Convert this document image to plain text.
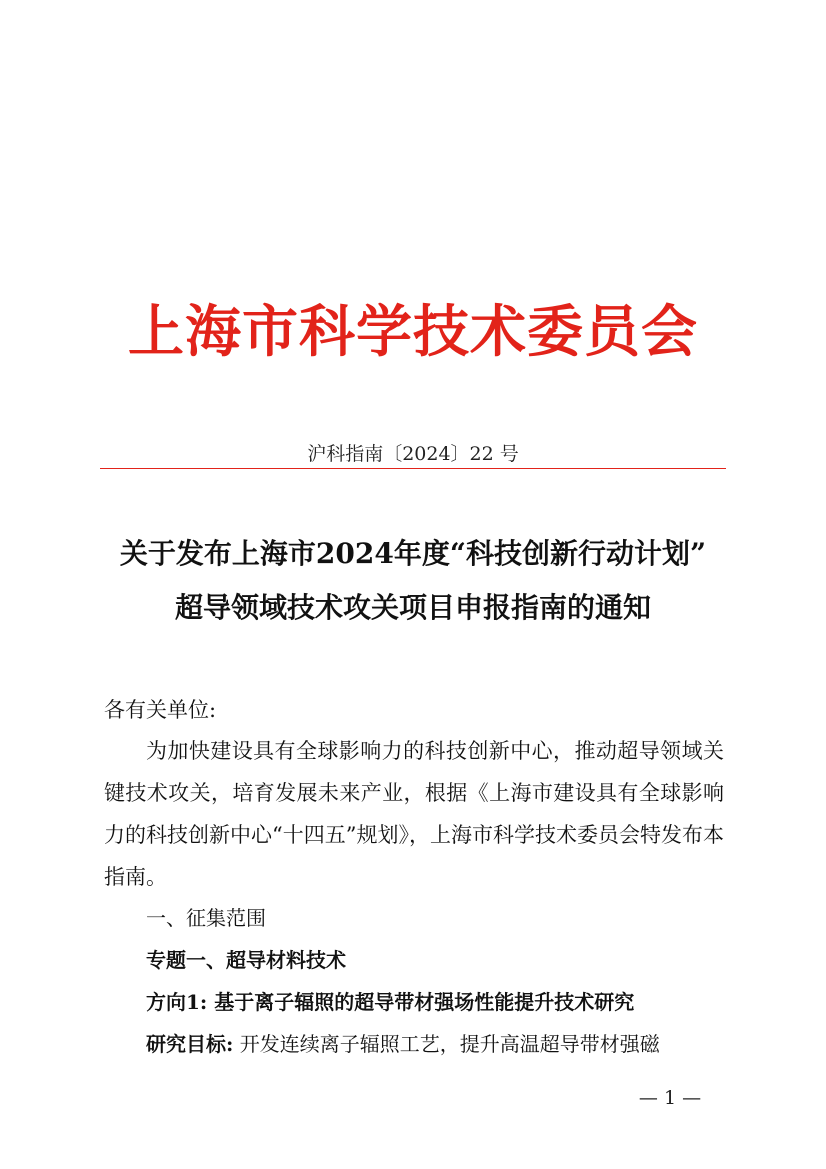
上海市科学技术委员会
沪科指南〔2024〕22 号
关于发布上海市2024年度“科技创新行动计划”
超导领域技术攻关项目申报指南的通知
各有关单位:
为加快建设具有全球影响力的科技创新中心，推动超导领域关键技术攻关，培育发展未来产业，根据《上海市建设具有全球影响力的科技创新中心“十四五”规划》，上海市科学技术委员会特发布本指南。
一、征集范围
专题一、超导材料技术
方向1: 基于离子辐照的超导带材强场性能提升技术研究
研究目标: 开发连续离子辐照工艺，提升高温超导带材强磁
— 1 —
